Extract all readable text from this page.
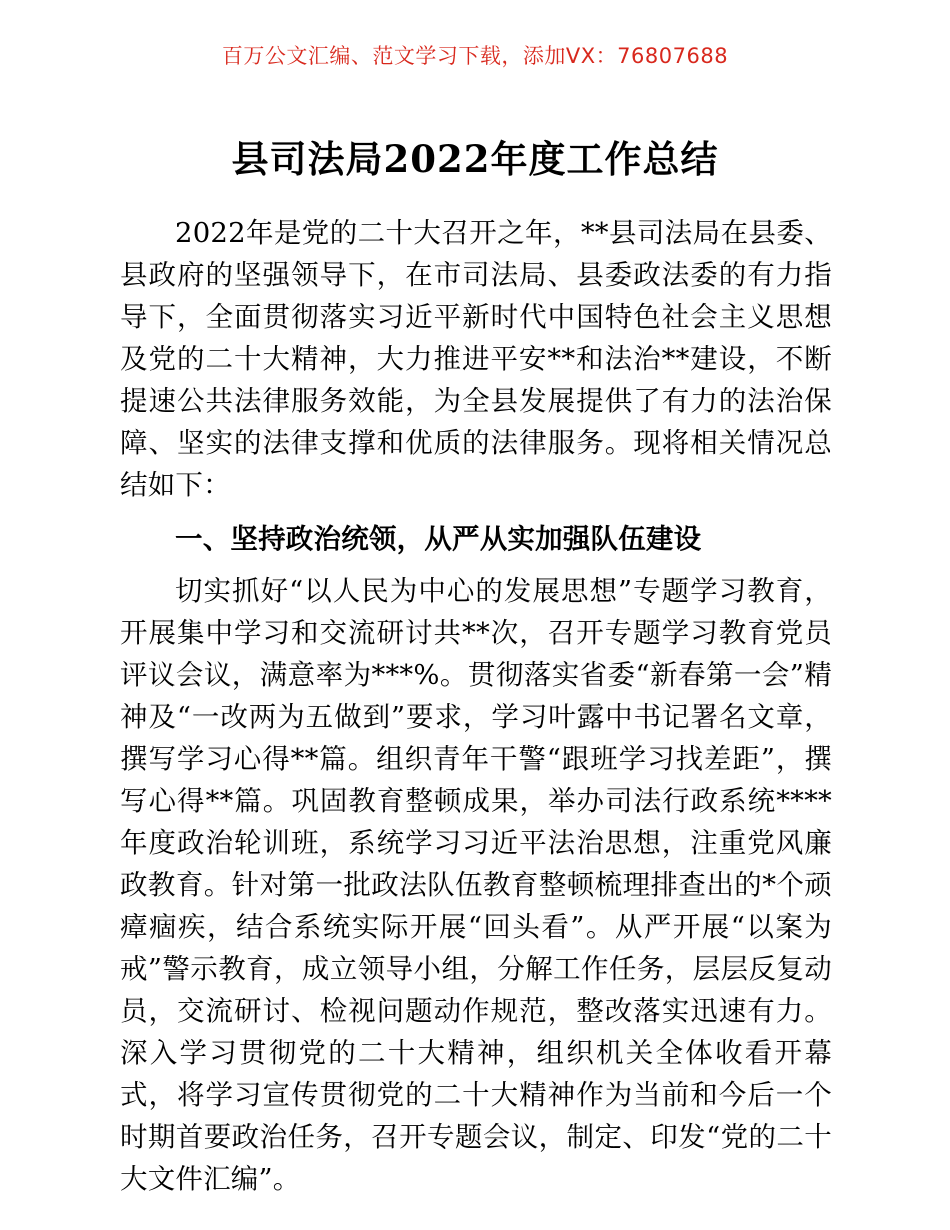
百万公文汇编、范文学习下载，添加VX：76807688
县司法局2022年度工作总结

2022年是党的二十大召开之年，**县司法局在县委、县政府的坚强领导下，在市司法局、县委政法委的有力指导下，全面贯彻落实习近平新时代中国特色社会主义思想及党的二十大精神，大力推进平安**和法治**建设，不断提速公共法律服务效能，为全县发展提供了有力的法治保障、坚实的法律支撑和优质的法律服务。现将相关情况总结如下：

一、坚持政治统领，从严从实加强队伍建设

切实抓好“以人民为中心的发展思想”专题学习教育，开展集中学习和交流研讨共**次，召开专题学习教育党员评议会议，满意率为***%。贯彻落实省委“新春第一会”精神及“一改两为五做到”要求，学习叶露中书记署名文章，撰写学习心得**篇。组织青年干警“跟班学习找差距”，撰写心得**篇。巩固教育整顿成果，举办司法行政系统****年度政治轮训班，系统学习习近平法治思想，注重党风廉政教育。针对第一批政法队伍教育整顿梳理排查出的*个顽瘴痼疾，结合系统实际开展“回头看”。从严开展“以案为戒”警示教育，成立领导小组，分解工作任务，层层反复动员，交流研讨、检视问题动作规范，整改落实迅速有力。深入学习贯彻党的二十大精神，组织机关全体收看开幕式，将学习宣传贯彻党的二十大精神作为当前和今后一个时期首要政治任务，召开专题会议，制定、印发“党的二十大文件汇编”。
